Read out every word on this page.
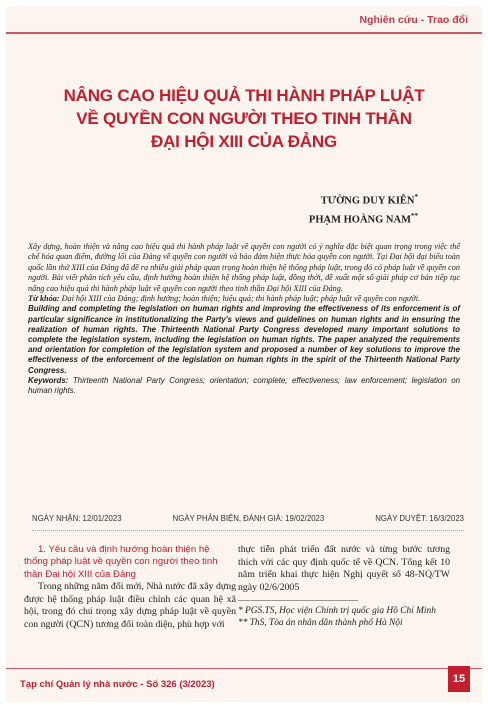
Nghiên cứu - Trao đổi
NÂNG CAO HIỆU QUẢ THI HÀNH PHÁP LUẬT
VỀ QUYỀN CON NGƯỜI THEO TINH THẦN
ĐẠI HỘI XIII CỦA ĐẢNG
TƯỜNG DUY KIÊN*
PHẠM HOÀNG NAM**

Xây dựng, hoàn thiện và nâng cao hiệu quả thi hành pháp luật về quyền con người có ý nghĩa đặc biệt quan trọng trong việc thể chế hóa quan điểm, đường lối của Đảng về quyền con người và bảo đảm hiện thực hóa quyền con người. Tại Đại hội đại biểu toàn quốc lần thứ XIII của Đảng đã đề ra nhiều giải pháp quan trọng hoàn thiện hệ thống pháp luật, trong đó có pháp luật về quyền con người. Bài viết phân tích yêu cầu, định hướng hoàn thiện hệ thống pháp luật, đồng thời, đề xuất một số giải pháp cơ bản tiếp tục nâng cao hiệu quả thi hành pháp luật về quyền con người theo tinh thần Đại hội XIII của Đảng.

Từ khóa: Đại hội XIII của Đảng; định hướng; hoàn thiện; hiệu quả; thi hành pháp luật; pháp luật về quyền con người.

Building and completing the legislation on human rights and improving the effectiveness of its enforcement is of particular significance in institutionalizing the Party's views and guidelines on human rights and in ensuring the realization of human rights. The Thirteenth National Party Congress developed many important solutions to complete the legislation system, including the legislation on human rights. The paper analyzed the requirements and orientation for completion of the legislation system and proposed a number of key solutions to improve the effectiveness of the enforcement of the legislation on human rights in the spirit of the Thirteenth National Party Congress.

Keywords: Thirteenth National Party Congress; orientation; complete; effectiveness; law enforcement; legislation on human rights.

NGÀY NHẬN: 12/01/2023	NGÀY PHẢN BIỆN, ĐÁNH GIÁ: 19/02/2023	NGÀY DUYỆT: 16/3/2023

1. Yêu cầu và định hướng hoàn thiện hệ thống pháp luật về quyền con người theo tinh thần Đại hội XIII của Đảng

Trong những năm đổi mới, Nhà nước đã xây dựng được hệ thống pháp luật điều chỉnh các quan hệ xã hội, trong đó chú trọng xây dựng pháp luật về quyền con người (QCN) tương đối toàn diện, phù hợp với

thực tiễn phát triển đất nước và từng bước tương thích với các quy định quốc tế về QCN. Tổng kết 10 năm triển khai thực hiện Nghị quyết số 48-NQ/TW ngày 02/6/2005

* PGS.TS, Học viện Chính trị quốc gia Hồ Chí Minh

** ThS, Tòa án nhân dân thành phố Hà Nội

Tạp chí Quản lý nhà nước - Số 326 (3/2023)	15
